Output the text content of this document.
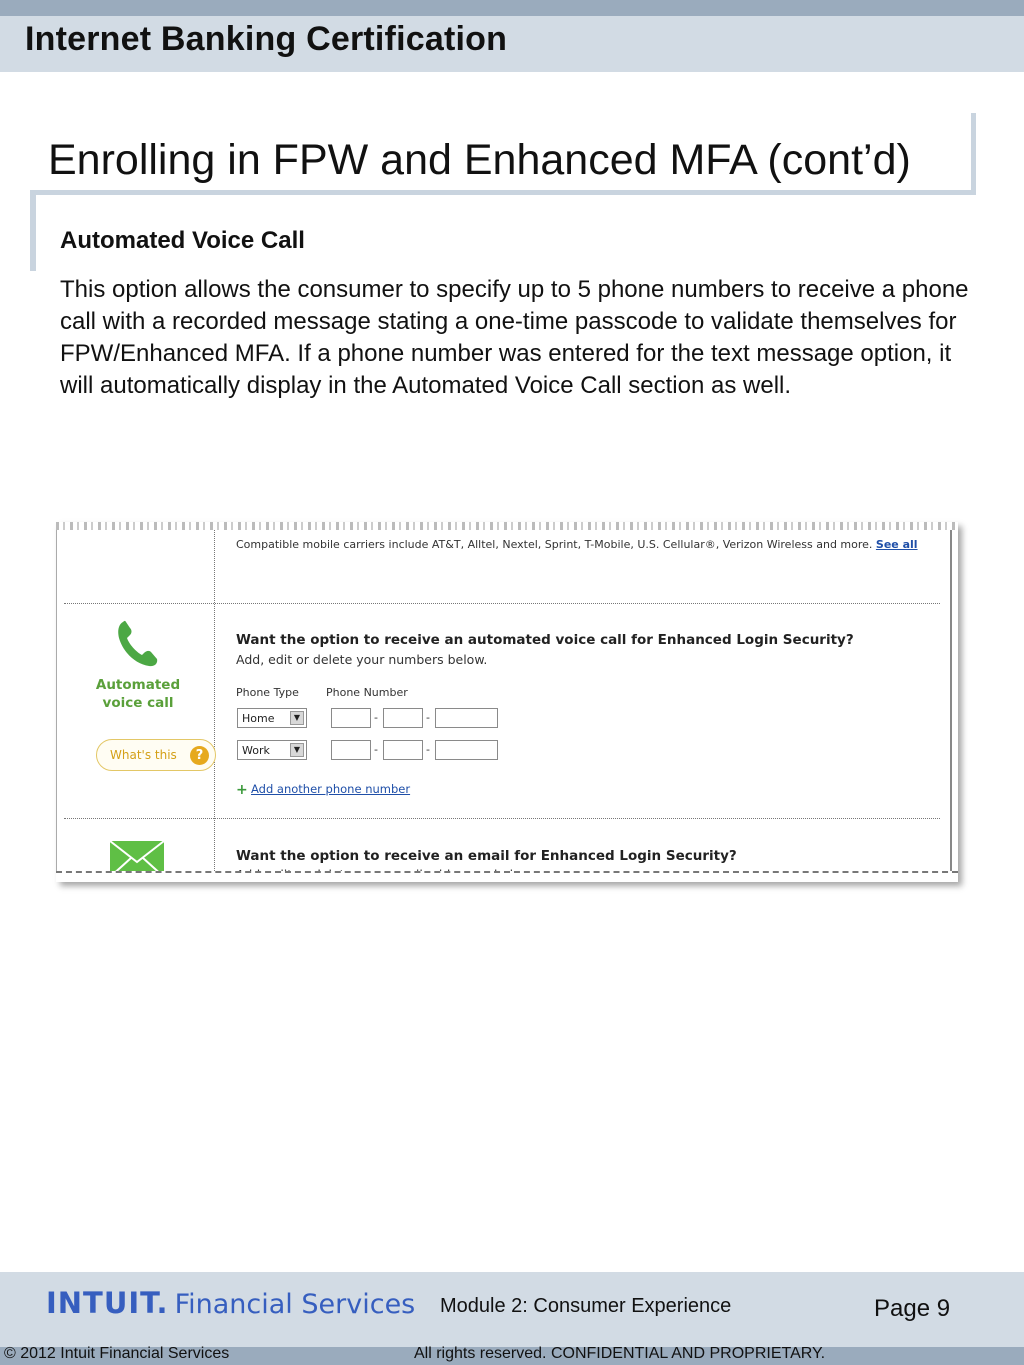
Internet Banking Certification
Enrolling in FPW and Enhanced MFA (cont’d)
Automated Voice Call
This option allows the consumer to specify up to 5 phone numbers to receive a phone call with a recorded message stating a one-time passcode to validate themselves for FPW/Enhanced MFA. If a phone number was entered for the text message option, it will automatically display in the Automated Voice Call section as well.
Compatible mobile carriers include AT&T, Alltel, Nextel, Sprint, T-Mobile, U.S. Cellular®, Verizon Wireless and more. See all
Automated voice call
What's this	?
Want the option to receive an automated voice call for Enhanced Login Security?
Add, edit or delete your numbers below.
Phone Type Phone Number
Home	▼	-	-
Work	▼	-	-
+ Add another phone number
Want the option to receive an email for Enhanced Login Security?
INTUIT. Financial Services Module 2: Consumer Experience	Page 9
© 2012 Intuit Financial Services	All rights reserved. CONFIDENTIAL AND PROPRIETARY.
